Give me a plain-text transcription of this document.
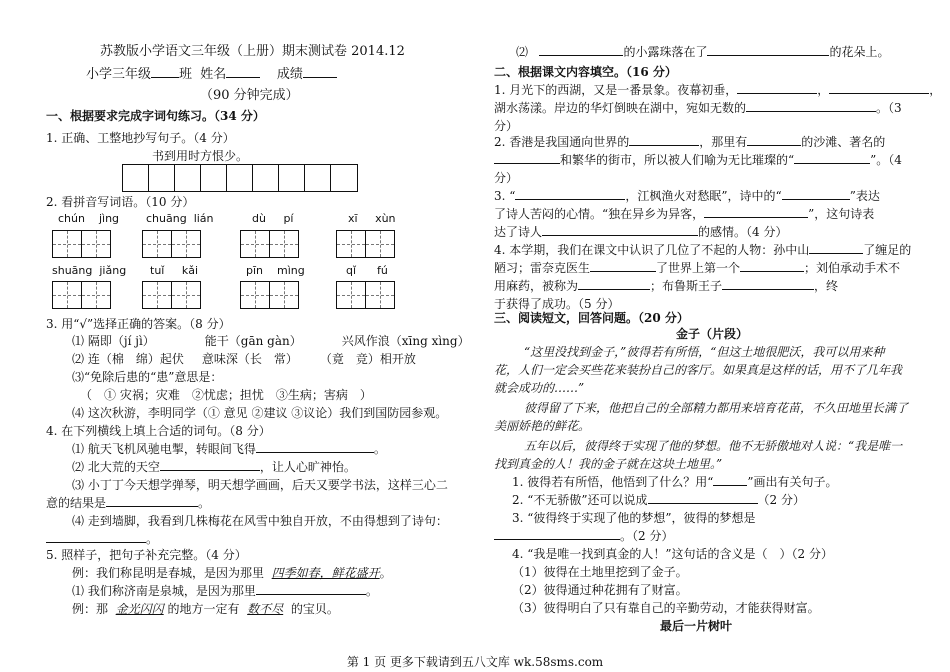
苏教版小学语文三年级（上册）期末测试卷 2014.12
小学三年级 班 姓名	成绩
（90 分钟完成）
一、根据要求完成字词句练习。（34 分）
1. 正确、工整地抄写句子。（4 分）
书到用时方恨少。
2. 看拼音写词语。（10 分）
chún jìng chuāng lián	dù pí	xī xùn
shuāng jiǎng tuǐ kǎi	pīn mìng	qǐ fú
3. 用“√”选择正确的答案。（8 分）
⑴ 隔即（jí jì）	能干（gān gàn）	兴风作浪（xīng xìng）
⑵ 连（棉　绵）起伏 意味深（长　常） （竟　竞）相开放
⑶“免除后患的“患”意思是：
（　① 灾祸；灾难　②忧虑；担忧　③生病；害病　）
⑷ 这次秋游，李明同学（① 意见 ②建议 ③议论）我们到国防园参观。
4. 在下列横线上填上合适的词句。（8 分）
⑴ 航天飞机风驰电掣，转眼间飞得	。
⑵ 北大荒的天空	，让人心旷神怡。
⑶ 小丁丁今天想学弹琴，明天想学画画，后天又要学书法，这样三心二
意的结果是	。
⑷ 走到墙脚，我看到几株梅花在风雪中独自开放，不由得想到了诗句：
。
5. 照样子，把句子补充完整。（4 分）
例：我们称昆明是春城，是因为那里 四季如春，鲜花盛开。
⑴ 我们称济南是泉城，是因为那里	。
例：那 金光闪闪 的地方一定有 数不尽 的宝贝。
⑵	的小露珠落在了	的花朵上。
二、根据课文内容填空。（16 分）
1. 月光下的西湖，又是一番景象。夜幕初垂，	，	，
湖水荡漾。岸边的华灯倒映在湖中，宛如无数的	。（3
分）
2. 香港是我国通向世界的	，那里有	的沙滩、著名的
和繁华的街市，所以被人们喻为无比璀璨的“	”。（4
分）
3. “	，江枫渔火对愁眠”，诗中的“	”表达
了诗人苦闷的心情。“独在异乡为异客，	”，这句诗表
达了诗人	的感情。（4 分）
4. 本学期，我们在课文中认识了几位了不起的人物：孙中山	了缠足的
陋习；雷奈克医生	了世界上第一个	；刘伯承动手术不
用麻药，被称为	；布鲁斯王子	，终
于获得了成功。（5 分）
三、阅读短文，回答问题。（20 分）
金子（片段）
“这里没找到金子，”彼得若有所悟，“但这土地很肥沃，我可以用来种
花，人们一定会买些花来装扮自己的客厅。如果真是这样的话，用不了几年我
就会成功的……”
彼得留了下来，他把自己的全部精力都用来培育花苗，不久田地里长满了
美丽娇艳的鲜花。
五年以后，彼得终于实现了他的梦想。他不无骄傲地对人说：“我是唯一
找到真金的人！我的金子就在这块土地里。”
1. 彼得若有所悟，他悟到了什么？用“	”画出有关句子。
2. “不无骄傲”还可以说成	（2 分）
3. “彼得终于实现了他的梦想”，彼得的梦想是
。（2 分）
4. “我是唯一找到真金的人！”这句话的含义是（　）（2 分）
（1）彼得在土地里挖到了金子。
（2）彼得通过种花拥有了财富。
（3）彼得明白了只有靠自己的辛勤劳动，才能获得财富。
最后一片树叶
第 1 页 更多下载请到五八文库 wk.58sms.com
